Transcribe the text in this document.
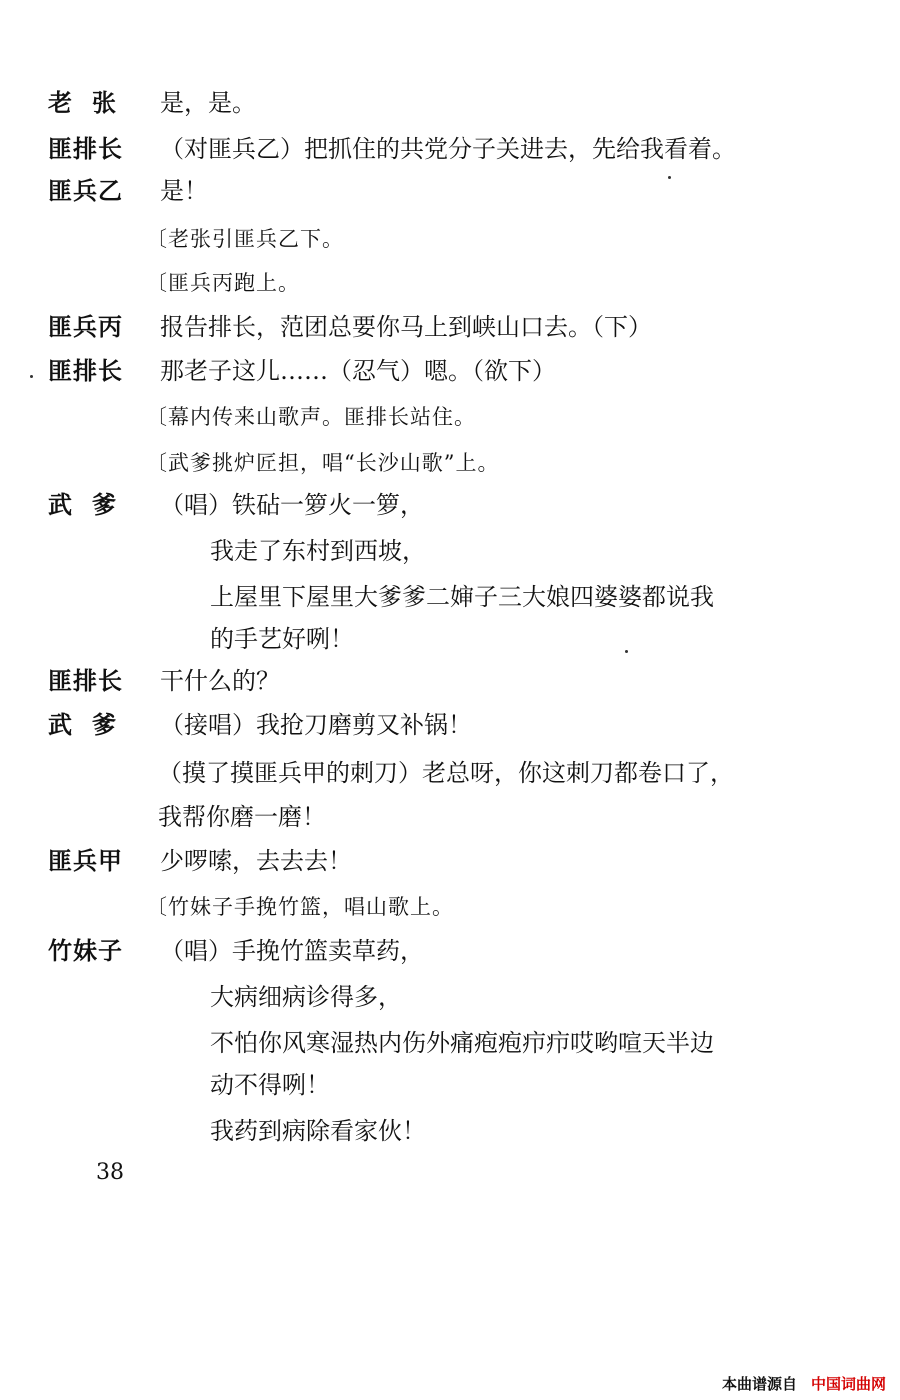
老张	是，是。
匪排长	（对匪兵乙）把抓住的共党分子关进去，先给我看着。
匪兵乙	是！
〔老张引匪兵乙下。
〔匪兵丙跑上。
匪兵丙	报告排长，范团总要你马上到峡山口去。（下）
匪排长	那老子这儿……（忍气）嗯。（欲下）
〔幕内传来山歌声。匪排长站住。
〔武爹挑炉匠担，唱“长沙山歌”上。
武爹	（唱）铁砧一箩火一箩，
我走了东村到西坡，
上屋里下屋里大爹爹二婶子三大娘四婆婆都说我
的手艺好咧！
匪排长	干什么的？
武爹	（接唱）我抢刀磨剪又补锅！
（摸了摸匪兵甲的刺刀）老总呀，你这刺刀都卷口了，
我帮你磨一磨！
匪兵甲	少啰嗦，去去去！
〔竹妹子手挽竹篮，唱山歌上。
竹妹子	（唱）手挽竹篮卖草药，
大病细病诊得多，
不怕你风寒湿热内伤外痛疱疱疖疖哎哟喧天半边
动不得咧！
我药到病除看家伙！
38
本曲谱源自 中国词曲网
